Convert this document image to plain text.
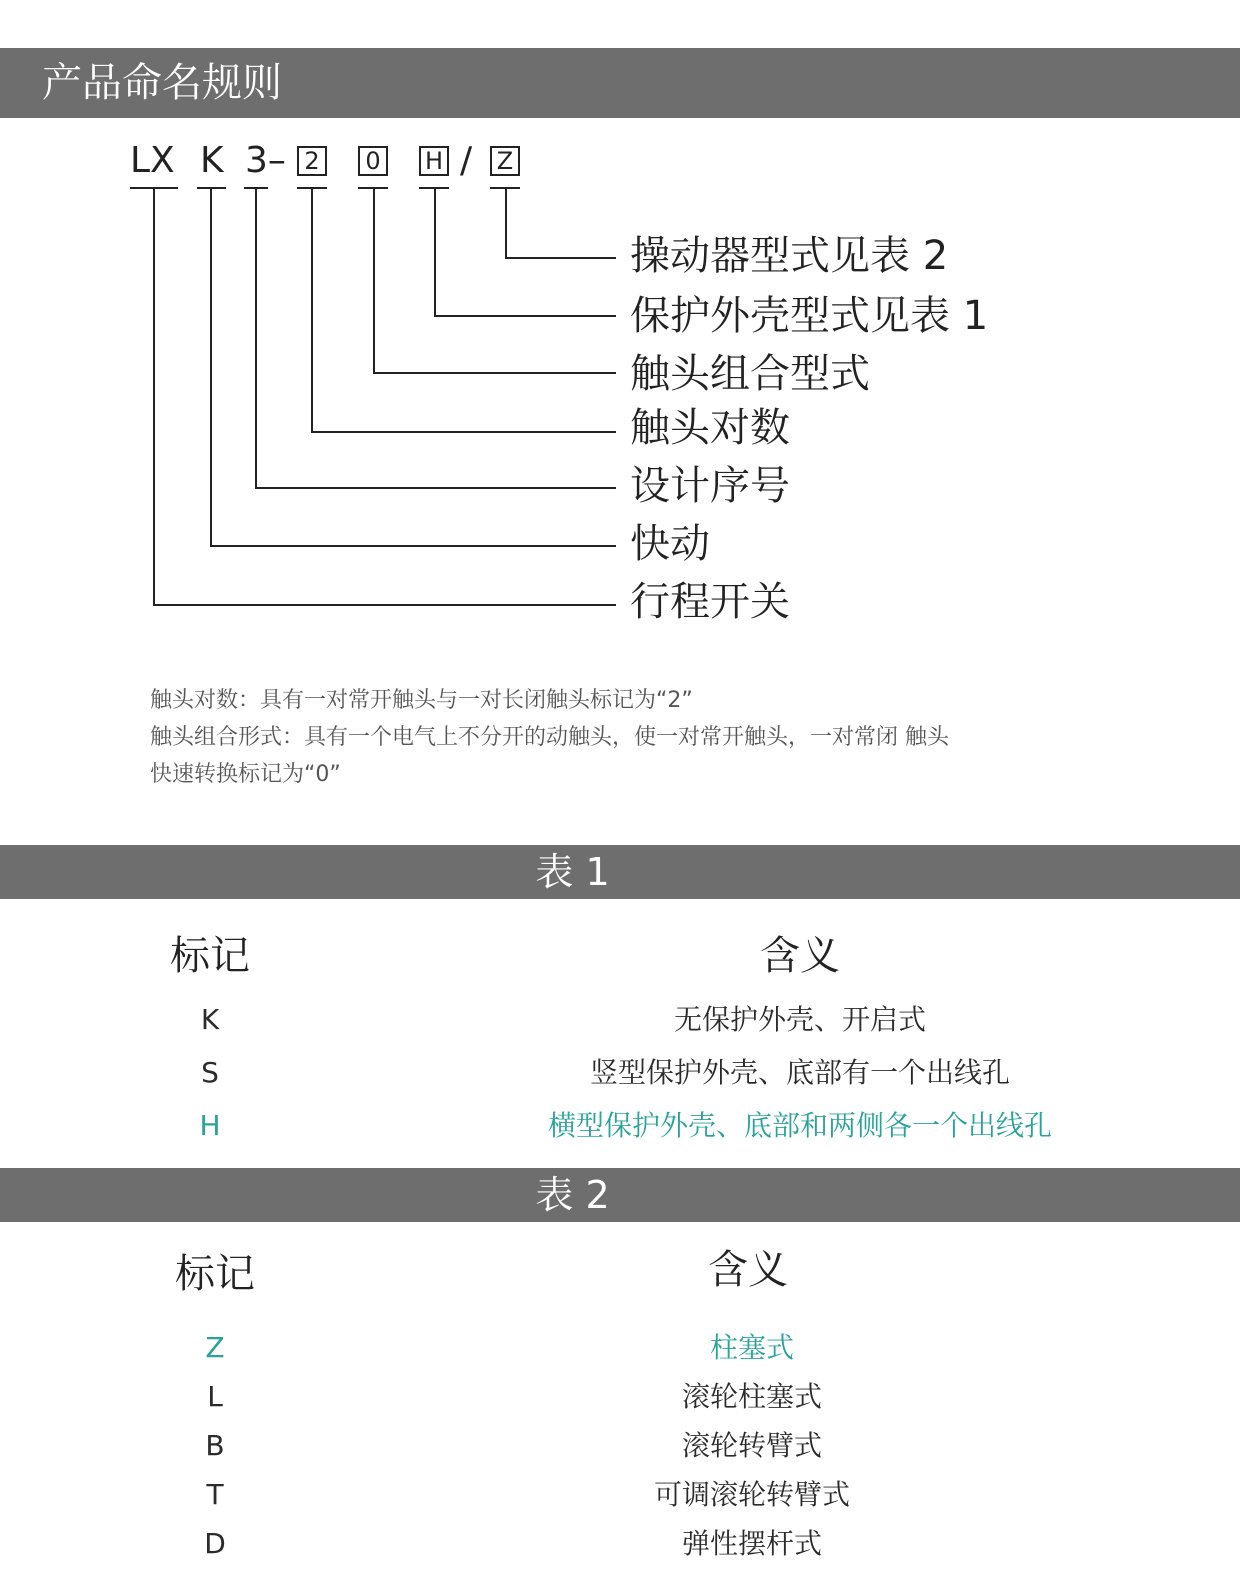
产品命名规则
LX K 3– 2	0	H / Z
操动器型式见表 2
保护外壳型式见表 1
触头组合型式
触头对数
设计序号
快动
行程开关
触头对数：具有一对常开触头与一对长闭触头标记为“2”
触头组合形式：具有一个电气上不分开的动触头，使一对常开触头，一对常闭 触头
快速转换标记为“0”
表 1
标记	含义
K	无保护外壳、开启式
S	竖型保护外壳、底部有一个出线孔
H	横型保护外壳、底部和两侧各一个出线孔
表 2
标记	含义
Z	柱塞式
L	滚轮柱塞式
B	滚轮转臂式
T	可调滚轮转臂式
D	弹性摆杆式
